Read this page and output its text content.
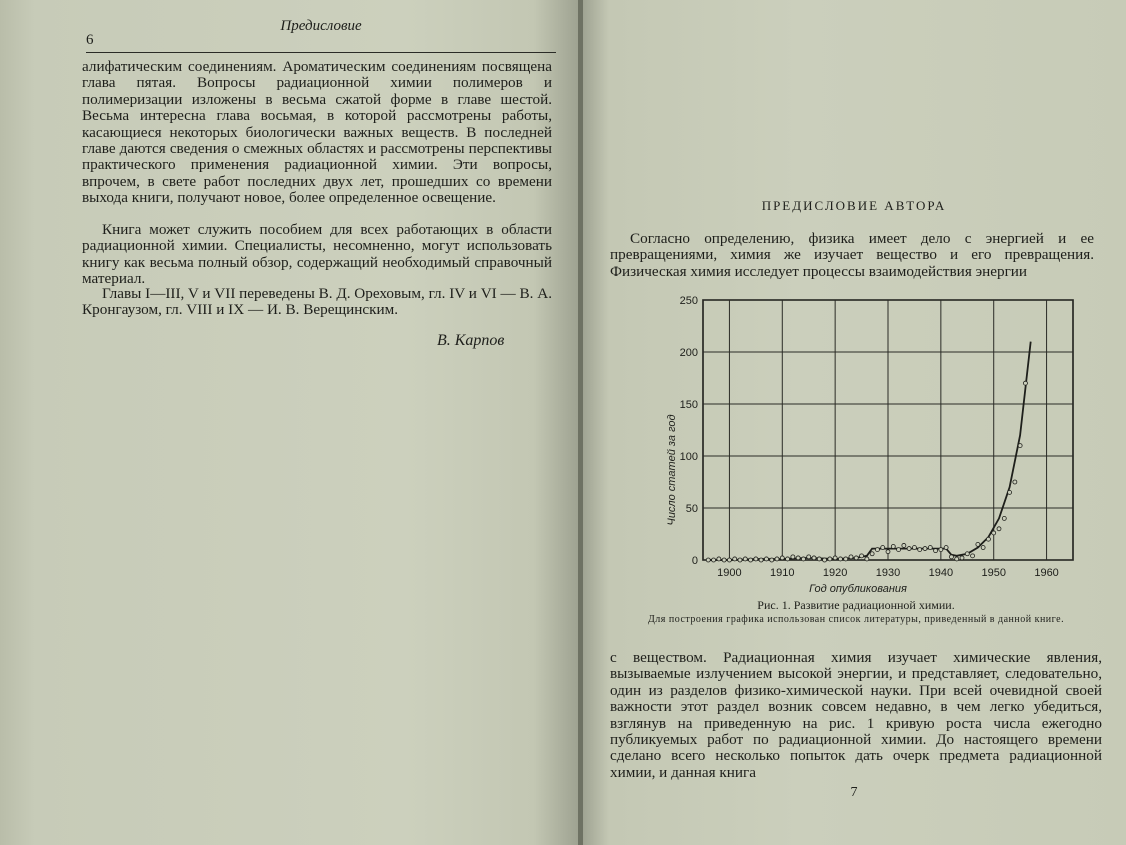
6
Предисловие

алифатическим соединениям. Ароматическим соединениям посвящена глава пятая. Вопросы радиационной химии полимеров и полимеризации изложены в весьма сжатой форме в главе шестой. Весьма интересна глава восьмая, в которой рассмотрены работы, касающиеся некоторых биологически важных веществ. В последней главе даются сведения о смежных областях и рассмотрены перспективы практического применения радиационной химии. Эти вопросы, впрочем, в свете работ последних двух лет, прошедших со времени выхода книги, получают новое, более определенное освещение.

Книга может служить пособием для всех работающих в области радиационной химии. Специалисты, несомненно, могут использовать книгу как весьма полный обзор, содержащий необходимый справочный материал.

Главы I—III, V и VII переведены В. Д. Ореховым, гл. IV и VI — В. А. Кронгаузом, гл. VIII и IX — И. В. Верещинским.

В. Карпов
ПРЕДИСЛОВИЕ АВТОРА

Согласно определению, физика имеет дело с энергией и ее превращениями, химия же изучает вещество и его превращения. Физическая химия исследует процессы взаимодействия энергии

1900	1910	1920	1930	1940	1950	1960
0
50
100
150
200
250
Год опубликования
Число статей за год
Рис. 1. Развитие радиационной химии.
Для построения графика использован список литературы, приведенный в данной книге.

с веществом. Радиационная химия изучает химические явления, вызываемые излучением высокой энергии, и представляет, следовательно, один из разделов физико-химической науки. При всей очевидной своей важности этот раздел возник совсем недавно, в чем легко убедиться, взглянув на приведенную на рис. 1 кривую роста числа ежегодно публикуемых работ по радиационной химии. До настоящего времени сделано всего несколько попыток дать очерк предмета радиационной химии, и данная книга

7
